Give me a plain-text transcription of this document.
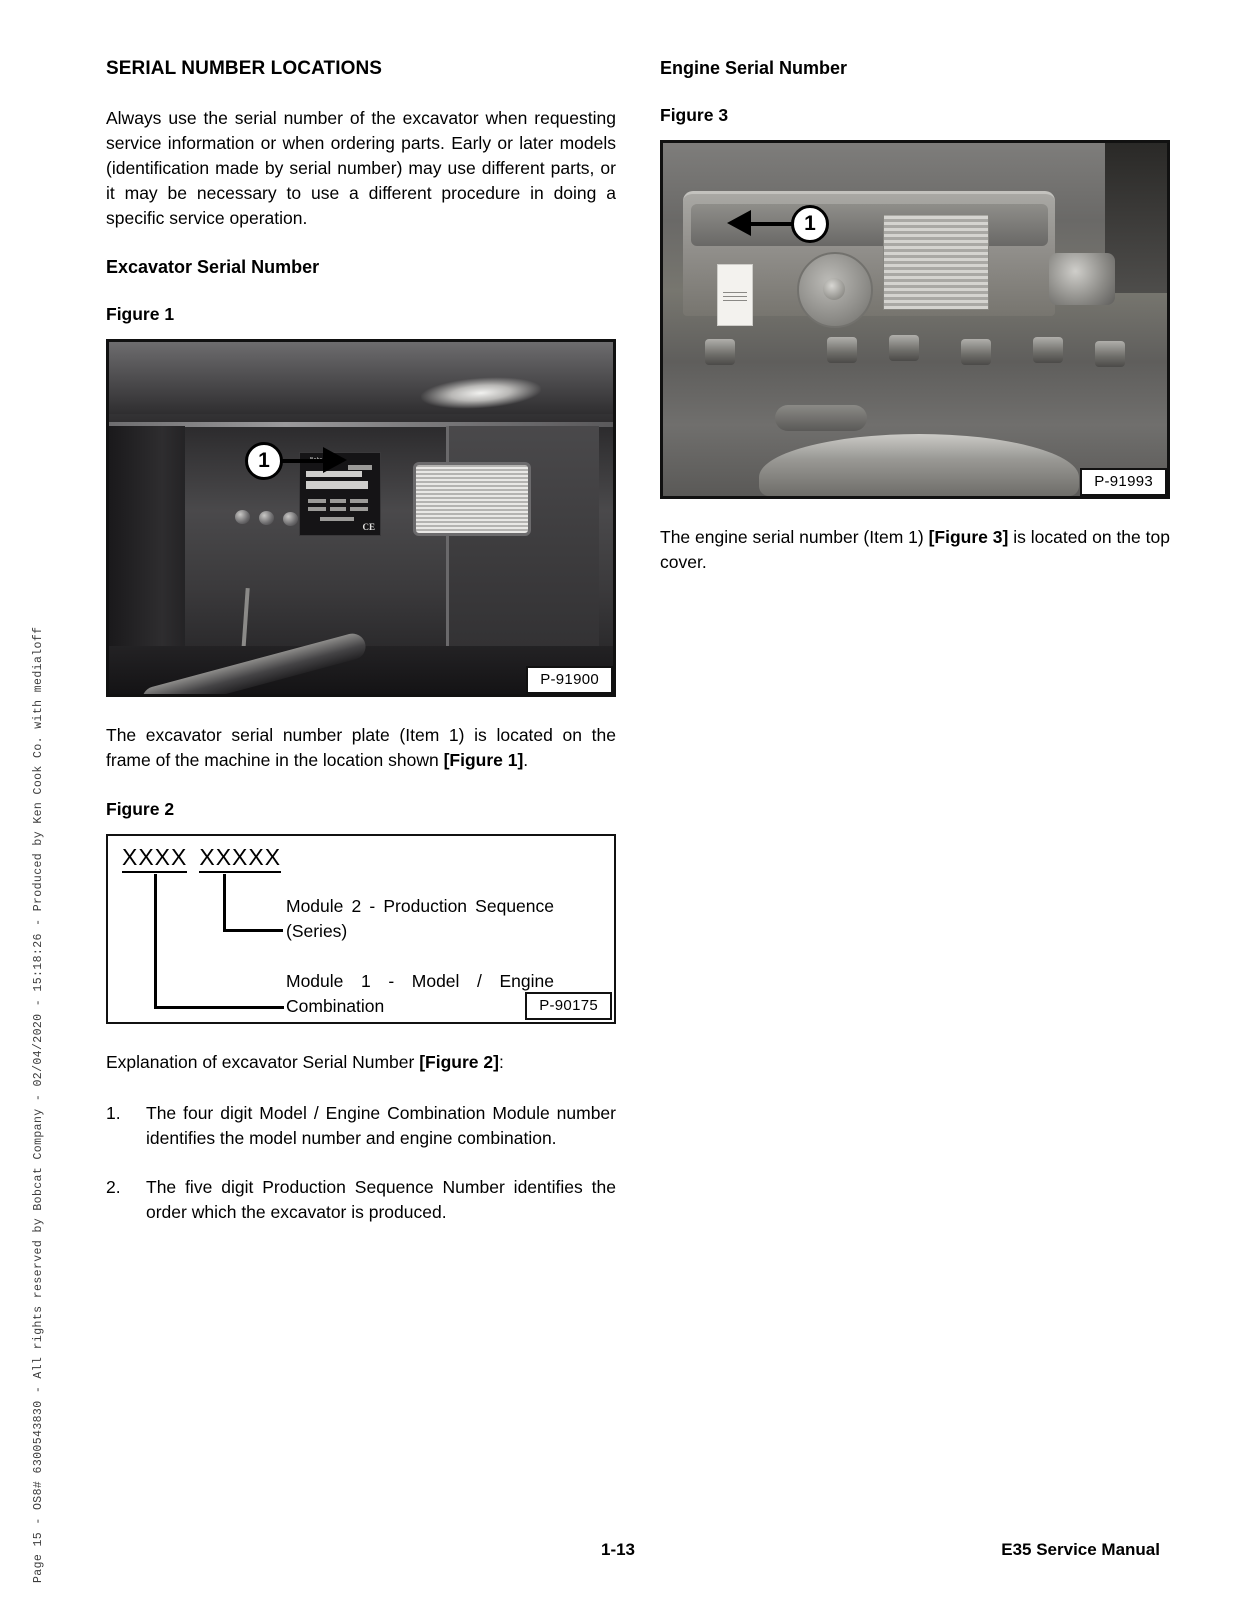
Page 15 - OS8# 6300543830 - All rights reserved by Bobcat Company - 02/04/2020 - 15:18:26 - Produced by Ken Cook Co. with medialoff
SERIAL NUMBER LOCATIONS

Always use the serial number of the excavator when requesting service information or when ordering parts. Early or later models (identification made by serial number) may use different parts, or it may be necessary to use a different procedure in doing a specific service operation.

Excavator Serial Number
Figure 1
CE
1
P-91900

The excavator serial number plate (Item 1) is located on the frame of the machine in the location shown [Figure 1].

Figure 2
XXXX XXXXX
Module 2 - Production Sequence (Series)
Module 1 - Model / Engine Combination	P-90175

Explanation of excavator Serial Number [Figure 2]:

1.	The four digit Model / Engine Combination Module number identifies the model number and engine combination.
2.	The five digit Production Sequence Number identifies the order which the excavator is produced.
Engine Serial Number
Figure 3
1
P-91993

The engine serial number (Item 1) [Figure 3] is located on the top cover.

1-13	E35 Service Manual
